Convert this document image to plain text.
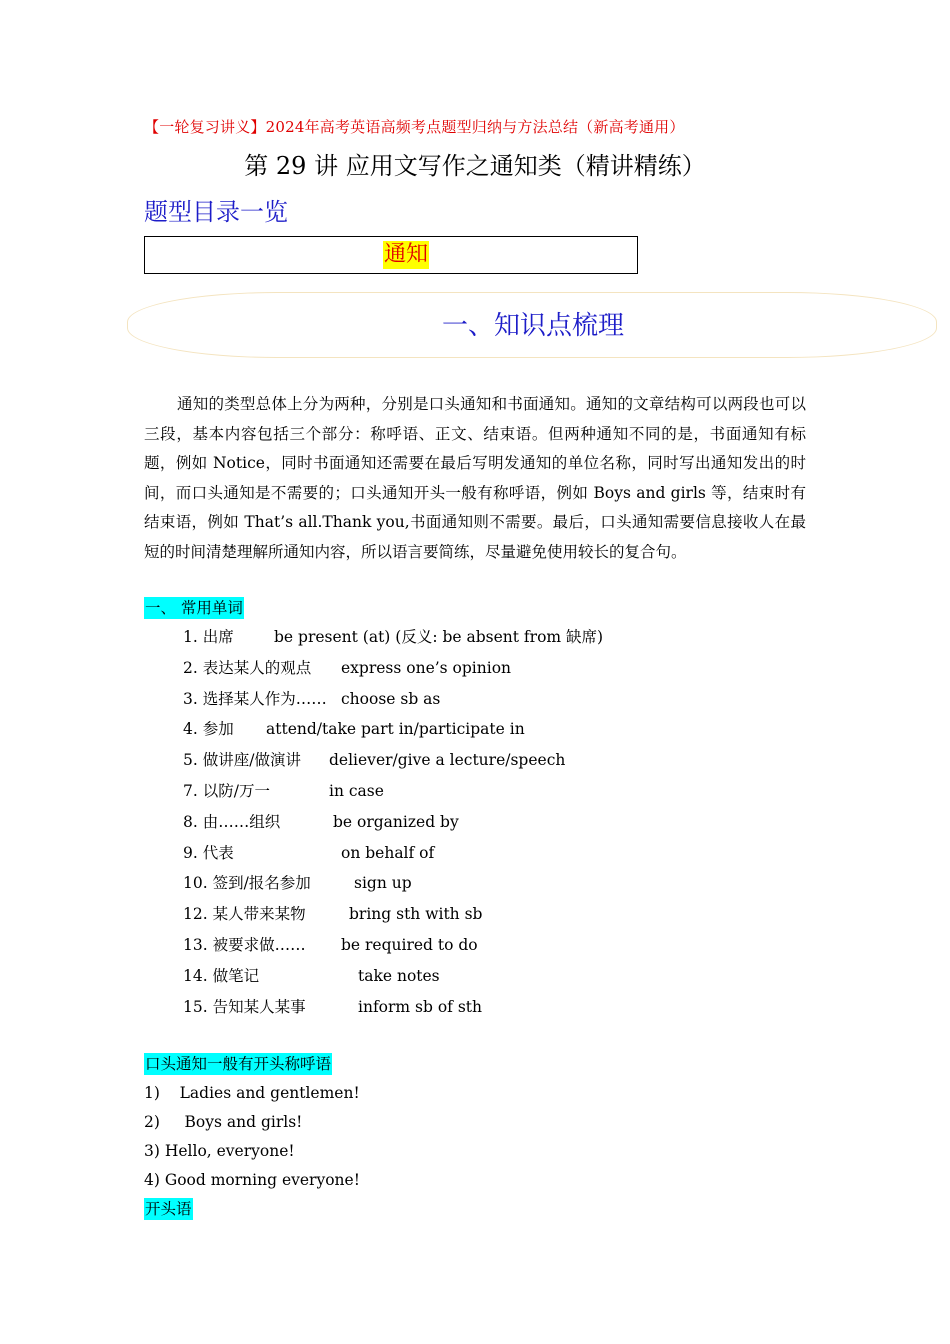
【一轮复习讲义】2024年高考英语高频考点题型归纳与方法总结（新高考通用）
第 29 讲 应用文写作之通知类（精讲精练）
题型目录一览
通知
一、知识点梳理

通知的类型总体上分为两种，分别是口头通知和书面通知。通知的文章结构可以两段也可以三段，基本内容包括三个部分：称呼语、正文、结束语。但两种通知不同的是，书面通知有标题，例如 Notice，同时书面通知还需要在最后写明发通知的单位名称，同时写出通知发出的时间，而口头通知是不需要的；口头通知开头一般有称呼语，例如 Boys and girls 等，结束时有结束语，例如 That’s all.Thank you,书面通知则不需要。最后，口头通知需要信息接收人在最短的时间清楚理解所通知内容，所以语言要简练，尽量避免使用较长的复合句。

一、 常用单词
1. 出席	be present (at) (反义: be absent from 缺席)
2. 表达某人的观点 express one’s opinion
3. 选择某人作为…… choose sb as
4. 参加 attend/take part in/participate in
5. 做讲座/做演讲 deliever/give a lecture/speech
7. 以防/万一	in case
8. 由……组织	be organized by
9. 代表	on behalf of
10. 签到/报名参加	sign up
12. 某人带来某物	bring sth with sb
13. 被要求做…… be required to do
14. 做笔记	take notes
15. 告知某人某事	inform sb of sth
口头通知一般有开头称呼语
1)    Ladies and gentlemen!
2)     Boys and girls!
3) Hello, everyone!
4) Good morning everyone!
开头语
